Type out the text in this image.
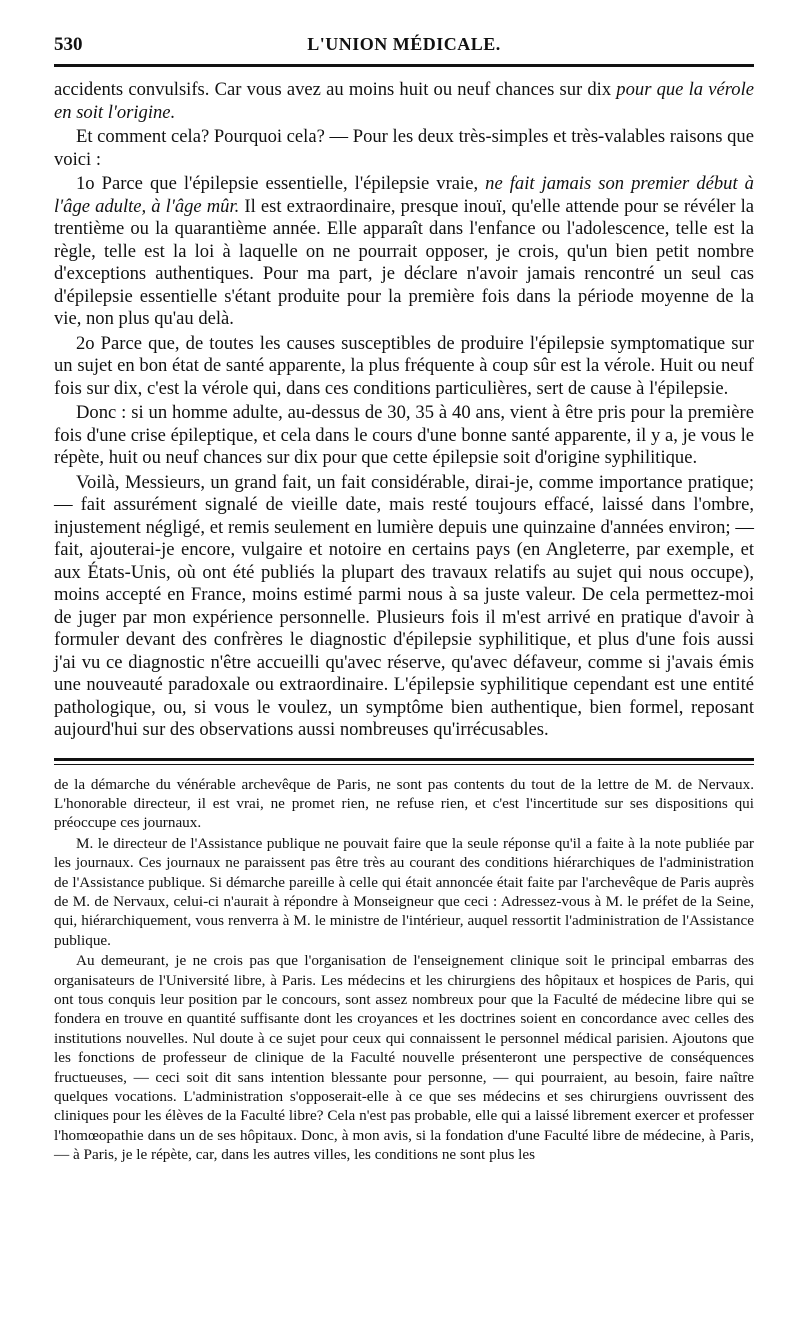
530	L'UNION MÉDICALE.

accidents convulsifs. Car vous avez au moins huit ou neuf chances sur dix pour que la vérole en soit l'origine.

Et comment cela? Pourquoi cela? — Pour les deux très-simples et très-valables raisons que voici :

1o Parce que l'épilepsie essentielle, l'épilepsie vraie, ne fait jamais son premier début à l'âge adulte, à l'âge mûr. Il est extraordinaire, presque inouï, qu'elle attende pour se révéler la trentième ou la quarantième année. Elle apparaît dans l'enfance ou l'adolescence, telle est la règle, telle est la loi à laquelle on ne pourrait opposer, je crois, qu'un bien petit nombre d'exceptions authentiques. Pour ma part, je déclare n'avoir jamais rencontré un seul cas d'épilepsie essentielle s'étant produite pour la première fois dans la période moyenne de la vie, non plus qu'au delà.

2o Parce que, de toutes les causes susceptibles de produire l'épilepsie symptomatique sur un sujet en bon état de santé apparente, la plus fréquente à coup sûr est la vérole. Huit ou neuf fois sur dix, c'est la vérole qui, dans ces conditions particulières, sert de cause à l'épilepsie.

Donc : si un homme adulte, au-dessus de 30, 35 à 40 ans, vient à être pris pour la première fois d'une crise épileptique, et cela dans le cours d'une bonne santé apparente, il y a, je vous le répète, huit ou neuf chances sur dix pour que cette épilepsie soit d'origine syphilitique.

Voilà, Messieurs, un grand fait, un fait considérable, dirai-je, comme importance pratique; — fait assurément signalé de vieille date, mais resté toujours effacé, laissé dans l'ombre, injustement négligé, et remis seulement en lumière depuis une quinzaine d'années environ; — fait, ajouterai-je encore, vulgaire et notoire en certains pays (en Angleterre, par exemple, et aux États-Unis, où ont été publiés la plupart des travaux relatifs au sujet qui nous occupe), moins accepté en France, moins estimé parmi nous à sa juste valeur. De cela permettez-moi de juger par mon expérience personnelle. Plusieurs fois il m'est arrivé en pratique d'avoir à formuler devant des confrères le diagnostic d'épilepsie syphilitique, et plus d'une fois aussi j'ai vu ce diagnostic n'être accueilli qu'avec réserve, qu'avec défaveur, comme si j'avais émis une nouveauté paradoxale ou extraordinaire. L'épilepsie syphilitique cependant est une entité pathologique, ou, si vous le voulez, un symptôme bien authentique, bien formel, reposant aujourd'hui sur des observations aussi nombreuses qu'irrécusables.

de la démarche du vénérable archevêque de Paris, ne sont pas contents du tout de la lettre de M. de Nervaux. L'honorable directeur, il est vrai, ne promet rien, ne refuse rien, et c'est l'incertitude sur ses dispositions qui préoccupe ces journaux.

M. le directeur de l'Assistance publique ne pouvait faire que la seule réponse qu'il a faite à la note publiée par les journaux. Ces journaux ne paraissent pas être très au courant des conditions hiérarchiques de l'administration de l'Assistance publique. Si démarche pareille à celle qui était annoncée était faite par l'archevêque de Paris auprès de M. de Nervaux, celui-ci n'aurait à répondre à Monseigneur que ceci : Adressez-vous à M. le préfet de la Seine, qui, hiérarchiquement, vous renverra à M. le ministre de l'intérieur, auquel ressortit l'administration de l'Assistance publique.

Au demeurant, je ne crois pas que l'organisation de l'enseignement clinique soit le principal embarras des organisateurs de l'Université libre, à Paris. Les médecins et les chirurgiens des hôpitaux et hospices de Paris, qui ont tous conquis leur position par le concours, sont assez nombreux pour que la Faculté de médecine libre qui se fondera en trouve en quantité suffisante dont les croyances et les doctrines soient en concordance avec celles des institutions nouvelles. Nul doute à ce sujet pour ceux qui connaissent le personnel médical parisien. Ajoutons que les fonctions de professeur de clinique de la Faculté nouvelle présenteront une perspective de conséquences fructueuses, — ceci soit dit sans intention blessante pour personne, — qui pourraient, au besoin, faire naître quelques vocations. L'administration s'opposerait-elle à ce que ses médecins et ses chirurgiens ouvrissent des cliniques pour les élèves de la Faculté libre? Cela n'est pas probable, elle qui a laissé librement exercer et professer l'homœopathie dans un de ses hôpitaux. Donc, à mon avis, si la fondation d'une Faculté libre de médecine, à Paris, — à Paris, je le répète, car, dans les autres villes, les conditions ne sont plus les
